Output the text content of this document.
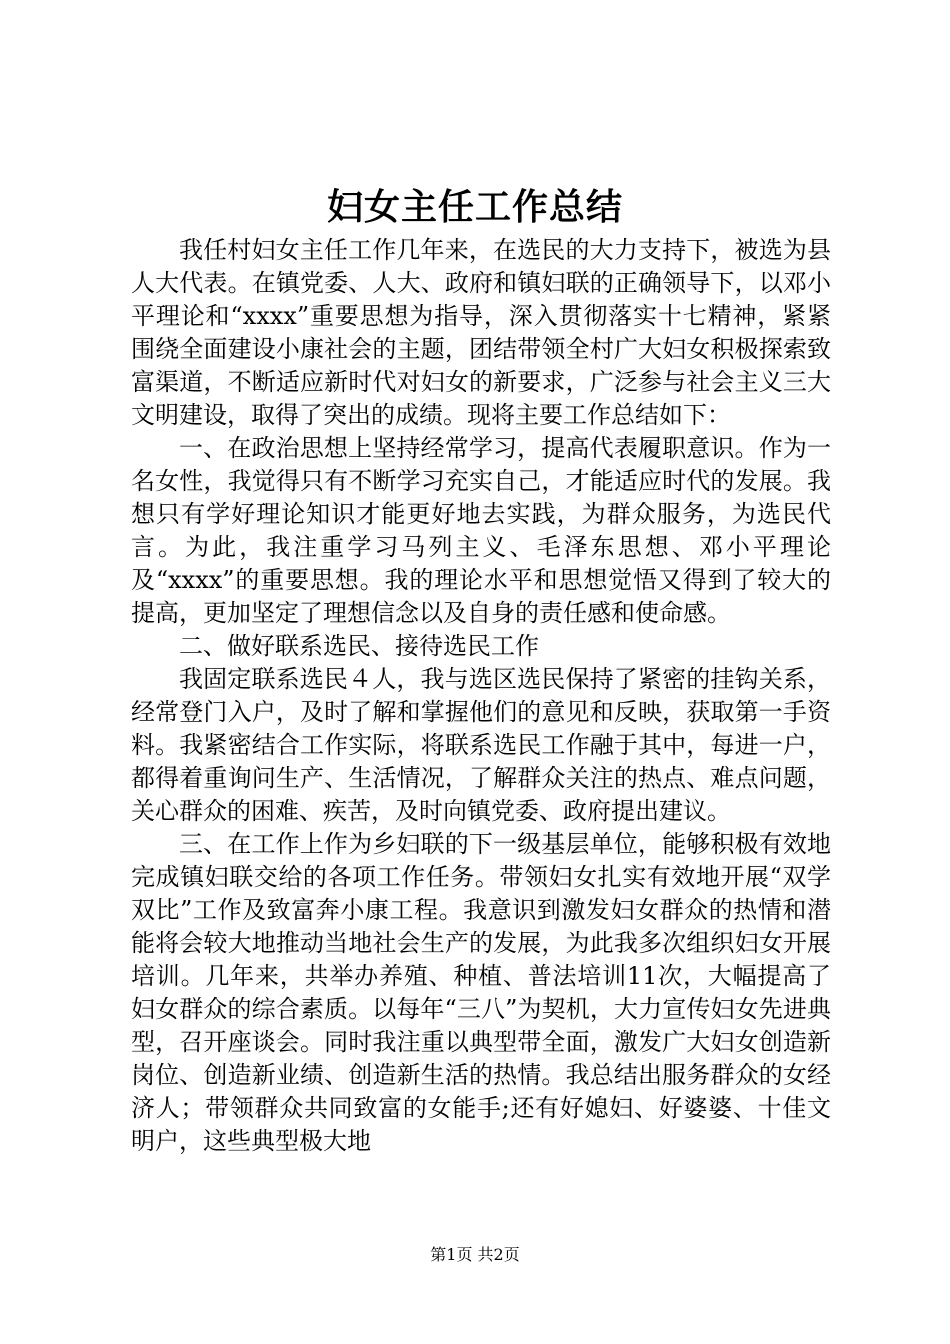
妇女主任工作总结

我任村妇女主任工作几年来，在选民的大力支持下，被选为县人大代表。在镇党委、人大、政府和镇妇联的正确领导下，以邓小平理论和“xxxx”重要思想为指导，深入贯彻落实十七精神，紧紧围绕全面建设小康社会的主题，团结带领全村广大妇女积极探索致富渠道，不断适应新时代对妇女的新要求，广泛参与社会主义三大文明建设，取得了突出的成绩。现将主要工作总结如下：

一、在政治思想上坚持经常学习，提高代表履职意识。作为一名女性，我觉得只有不断学习充实自己，才能适应时代的发展。我想只有学好理论知识才能更好地去实践，为群众服务，为选民代言。为此，我注重学习马列主义、毛泽东思想、邓小平理论及“xxxx”的重要思想。我的理论水平和思想觉悟又得到了较大的提高，更加坚定了理想信念以及自身的责任感和使命感。

二、做好联系选民、接待选民工作

我固定联系选民４人，我与选区选民保持了紧密的挂钩关系，经常登门入户，及时了解和掌握他们的意见和反映，获取第一手资料。我紧密结合工作实际，将联系选民工作融于其中，每进一户，都得着重询问生产、生活情况，了解群众关注的热点、难点问题，关心群众的困难、疾苦，及时向镇党委、政府提出建议。

三、在工作上作为乡妇联的下一级基层单位，能够积极有效地完成镇妇联交给的各项工作任务。带领妇女扎实有效地开展“双学双比”工作及致富奔小康工程。我意识到激发妇女群众的热情和潜能将会较大地推动当地社会生产的发展，为此我多次组织妇女开展培训。几年来，共举办养殖、种植、普法培训11次，大幅提高了妇女群众的综合素质。以每年“三八”为契机，大力宣传妇女先进典型，召开座谈会。同时我注重以典型带全面，激发广大妇女创造新岗位、创造新业绩、创造新生活的热情。我总结出服务群众的女经济人；带领群众共同致富的女能手;还有好媳妇、好婆婆、十佳文明户，这些典型极大地

第1页 共2页
